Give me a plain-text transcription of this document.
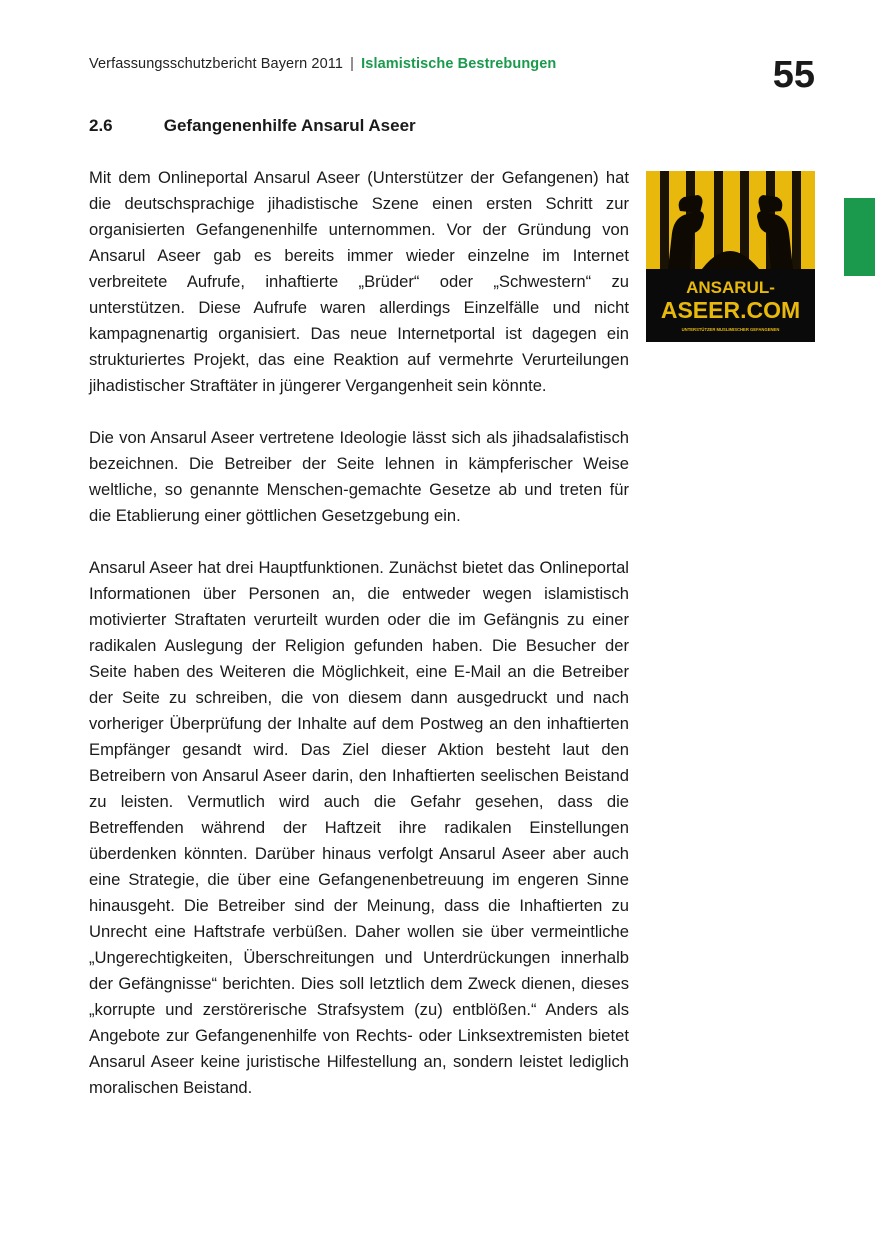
Verfassungsschutzbericht Bayern 2011 | Islamistische Bestrebungen	55
2.6	Gefangenenhilfe Ansarul Aseer

Mit dem Onlineportal Ansarul Aseer (Unterstützer der Gefangenen) hat die deutschsprachige jihadistische Szene einen ersten Schritt zur organisierten Gefangenenhilfe unternommen. Vor der Gründung von Ansarul Aseer gab es bereits immer wieder einzelne im Internet verbreitete Aufrufe, inhaftierte „Brüder“ oder „Schwestern“ zu unterstützen. Diese Aufrufe waren allerdings Einzelfälle und nicht kampagnenartig organisiert. Das neue Internetportal ist dagegen ein strukturiertes Projekt, das eine Reaktion auf vermehrte Verurteilungen jihadistischer Straftäter in jüngerer Vergangenheit sein könnte.

Die von Ansarul Aseer vertretene Ideologie lässt sich als jihadsalafistisch bezeichnen. Die Betreiber der Seite lehnen in kämpferischer Weise weltliche, so genannte Menschen-gemachte Gesetze ab und treten für die Etablierung einer göttlichen Gesetzgebung ein.

Ansarul Aseer hat drei Hauptfunktionen. Zunächst bietet das Onlineportal Informationen über Personen an, die entweder wegen islamistisch motivierter Straftaten verurteilt wurden oder die im Gefängnis zu einer radikalen Auslegung der Religion gefunden haben. Die Besucher der Seite haben des Weiteren die Möglichkeit, eine E-Mail an die Betreiber der Seite zu schreiben, die von diesem dann ausgedruckt und nach vorheriger Überprüfung der Inhalte auf dem Postweg an den inhaftierten Empfänger gesandt wird. Das Ziel dieser Aktion besteht laut den Betreibern von Ansarul Aseer darin, den Inhaftierten seelischen Beistand zu leisten. Vermutlich wird auch die Gefahr gesehen, dass die Betreffenden während der Haftzeit ihre radikalen Einstellungen überdenken könnten. Darüber hinaus verfolgt Ansarul Aseer aber auch eine Strategie, die über eine Gefangenenbetreuung im engeren Sinne hinausgeht. Die Betreiber sind der Meinung, dass die Inhaftierten zu Unrecht eine Haftstrafe verbüßen. Daher wollen sie über vermeintliche „Ungerechtigkeiten, Überschreitungen und Unterdrückungen innerhalb der Gefängnisse“ berichten. Dies soll letztlich dem Zweck dienen, dieses „korrupte und zerstörerische Strafsystem (zu) entblößen.“ Anders als Angebote zur Gefangenenhilfe von Rechts- oder Linksextremisten bietet Ansarul Aseer keine juristische Hilfestellung an, sondern leistet lediglich moralischen Beistand.

ANSARUL-
ASEER.COM
UNTERSTÜTZER MUSLIMISCHER GEFANGENEN
